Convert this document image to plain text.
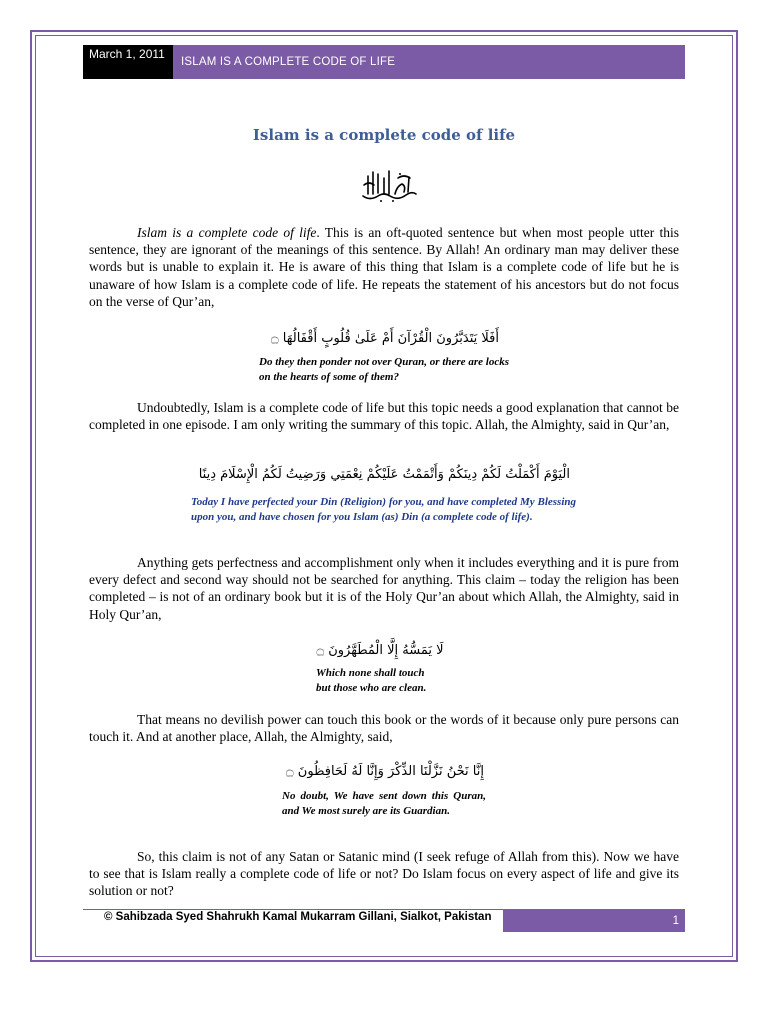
March 1, 2011
ISLAM IS A COMPLETE CODE OF LIFE
Islam is a complete code of life

Islam is a complete code of life. This is an oft-quoted sentence but when most people utter this sentence, they are ignorant of the meanings of this sentence. By Allah! An ordinary man may deliver these words but is unable to explain it. He is aware of this thing that Islam is a complete code of life but he is unaware of how Islam is a complete code of life. He repeats the statement of his ancestors but do not focus on the verse of Qur’an,

أَفَلَا يَتَدَبَّرُونَ الْقُرْآنَ أَمْ عَلَىٰ قُلُوبٍ أَقْفَالُهَا ۝
Do they then ponder not over Quran, or there are locks on the hearts of some of them?

Undoubtedly, Islam is a complete code of life but this topic needs a good explanation that cannot be completed in one episode. I am only writing the summary of this topic. Allah, the Almighty, said in Qur’an,

الْيَوْمَ أَكْمَلْتُ لَكُمْ دِينَكُمْ وَأَتْمَمْتُ عَلَيْكُمْ نِعْمَتِي وَرَضِيتُ لَكُمُ الْإِسْلَامَ دِينًا
Today I have perfected your Din (Religion) for you, and have completed My Blessing upon you, and have chosen for you Islam (as) Din (a complete code of life).

Anything gets perfectness and accomplishment only when it includes everything and it is pure from every defect and second way should not be searched for anything. This claim – today the religion has been completed – is not of an ordinary book but it is of the Holy Qur’an about which Allah, the Almighty, said in Holy Qur’an,

لَا يَمَسُّهُ إِلَّا الْمُطَهَّرُونَ ۝
Which none shall touch
but those who are clean.

That means no devilish power can touch this book or the words of it because only pure persons can touch it. And at another place, Allah, the Almighty, said,

إِنَّا نَحْنُ نَزَّلْنَا الذِّكْرَ وَإِنَّا لَهُ لَحَافِظُونَ ۝
No doubt, We have sent down this Quran, and We most surely are its Guardian.

So, this claim is not of any Satan or Satanic mind (I seek refuge of Allah from this). Now we have to see that is Islam really a complete code of life or not? Do Islam focus on every aspect of life and give its solution or not?

© Sahibzada Syed Shahrukh Kamal Mukarram Gillani, Sialkot, Pakistan	1
